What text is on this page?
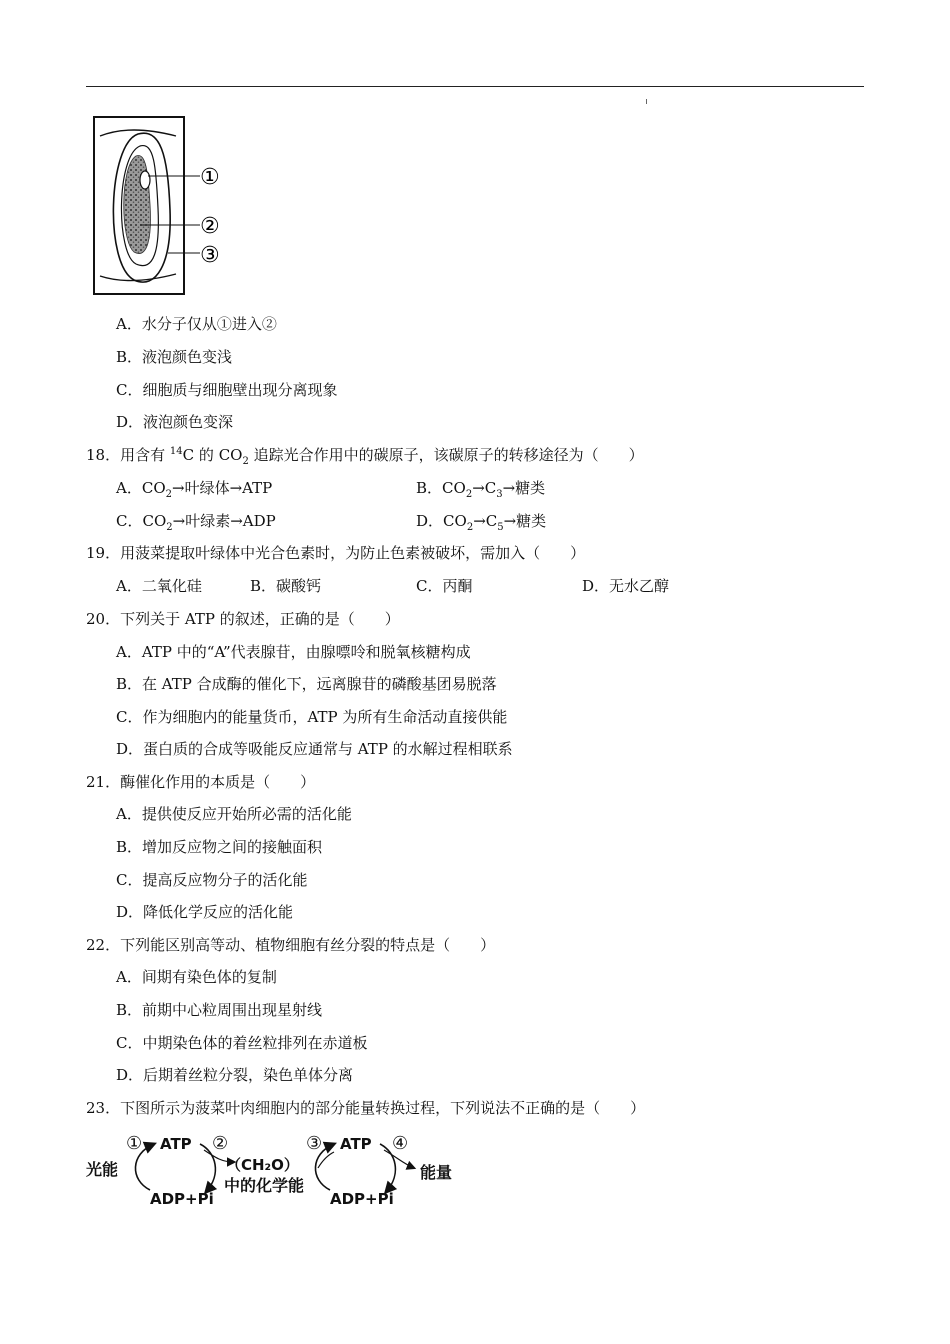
①
②
③
A．水分子仅从①进入②
B．液泡颜色变浅
C．细胞质与细胞壁出现分离现象
D．液泡颜色变深
18．用含有 $^{14}$C 的 $CO_2$ 追踪光合作用中的碳原子，该碳原子的转移途径为（　　）
A．$CO_2\to$叶绿体→ATP	B．$CO_2\to C_3\to$糖类
C．$CO_2\to$叶绿素→ADP	D．$CO_2\to C_5\to$糖类
19．用菠菜提取叶绿体中光合色素时，为防止色素被破坏，需加入（　　）
A．二氧化硅	B．碳酸钙	C．丙酮	D．无水乙醇
20．下列关于 ATP 的叙述，正确的是（　　）
A．ATP 中的“A”代表腺苷，由腺嘌呤和脱氧核糖构成
B．在 ATP 合成酶的催化下，远离腺苷的磷酸基团易脱落
C．作为细胞内的能量货币，ATP 为所有生命活动直接供能
D．蛋白质的合成等吸能反应通常与 ATP 的水解过程相联系
21．酶催化作用的本质是（　　）
A．提供使反应开始所必需的活化能
B．增加反应物之间的接触面积
C．提高反应物分子的活化能
D．降低化学反应的活化能
22．下列能区别高等动、植物细胞有丝分裂的特点是（　　）
A．间期有染色体的复制
B．前期中心粒周围出现星射线
C．中期染色体的着丝粒排列在赤道板
D．后期着丝粒分裂，染色单体分离
23．下图所示为菠菜叶肉细胞内的部分能量转换过程，下列说法不正确的是（　　）
光能
① ATP ②
ADP+Pi
（CH₂O）
中的化学能
③ ATP ④
ADP+Pi
能量
